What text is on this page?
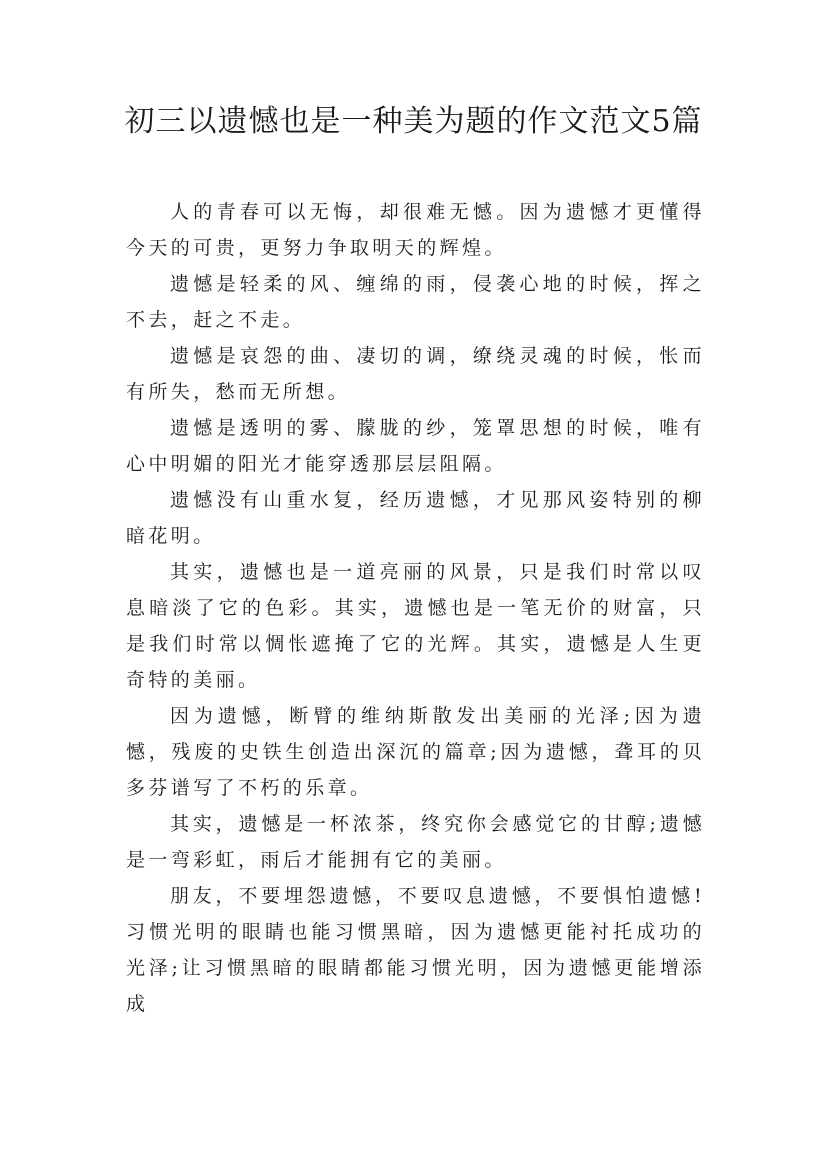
初三以遗憾也是一种美为题的作文范文5篇

人的青春可以无悔，却很难无憾。因为遗憾才更懂得今天的可贵，更努力争取明天的辉煌。

遗憾是轻柔的风、缠绵的雨，侵袭心地的时候，挥之不去，赶之不走。

遗憾是哀怨的曲、凄切的调，缭绕灵魂的时候，怅而有所失，愁而无所想。

遗憾是透明的雾、朦胧的纱，笼罩思想的时候，唯有心中明媚的阳光才能穿透那层层阻隔。

遗憾没有山重水复，经历遗憾，才见那风姿特别的柳暗花明。

其实，遗憾也是一道亮丽的风景，只是我们时常以叹息暗淡了它的色彩。其实，遗憾也是一笔无价的财富，只是我们时常以惆怅遮掩了它的光辉。其实，遗憾是人生更奇特的美丽。

因为遗憾，断臂的维纳斯散发出美丽的光泽;因为遗憾，残废的史铁生创造出深沉的篇章;因为遗憾，聋耳的贝多芬谱写了不朽的乐章。

其实，遗憾是一杯浓茶，终究你会感觉它的甘醇;遗憾是一弯彩虹，雨后才能拥有它的美丽。

朋友，不要埋怨遗憾，不要叹息遗憾，不要惧怕遗憾!习惯光明的眼睛也能习惯黑暗，因为遗憾更能衬托成功的光泽;让习惯黑暗的眼睛都能习惯光明，因为遗憾更能增添成
